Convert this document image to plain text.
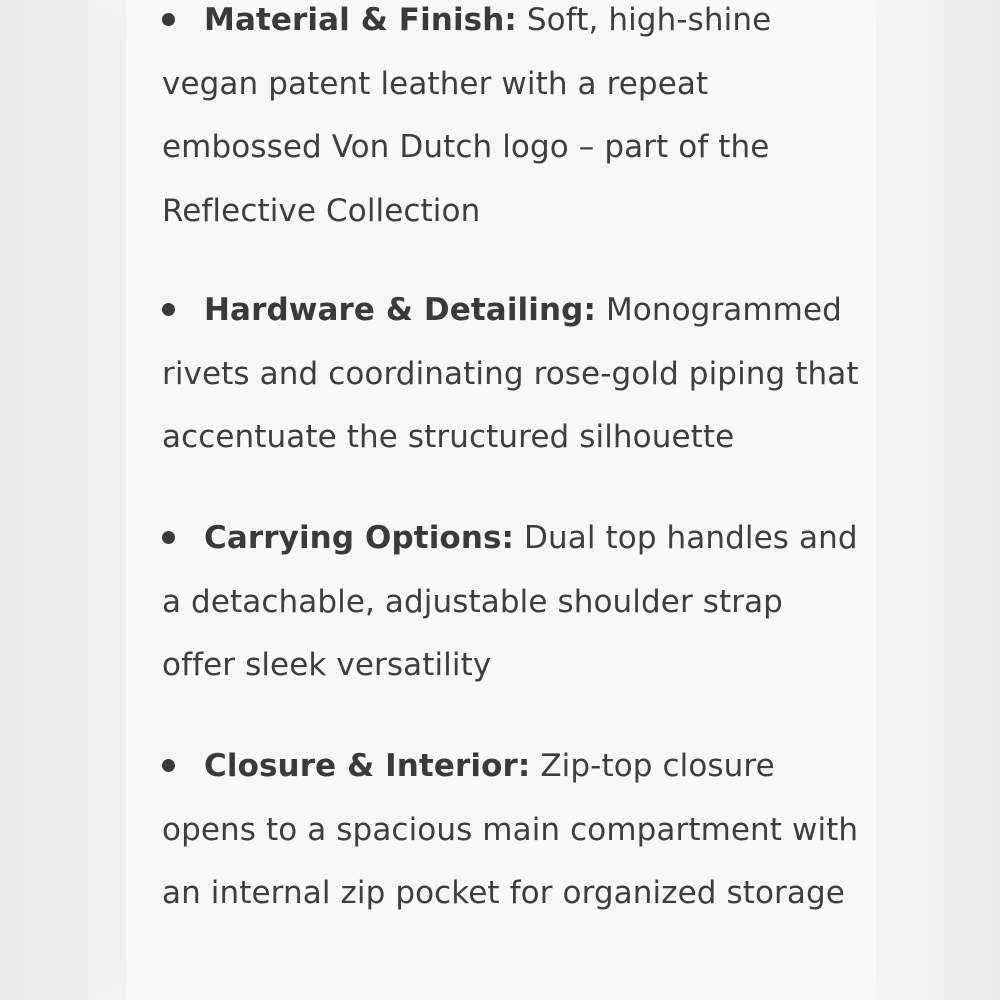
Material & Finish: Soft, high-shine vegan patent leather with a repeat embossed Von Dutch logo – part of the Reflective Collection
Hardware & Detailing: Monogrammed rivets and coordinating rose-gold piping that accentuate the structured silhouette
Carrying Options: Dual top handles and a detachable, adjustable shoulder strap offer sleek versatility
Closure & Interior: Zip-top closure opens to a spacious main compartment with an internal zip pocket for organized storage
